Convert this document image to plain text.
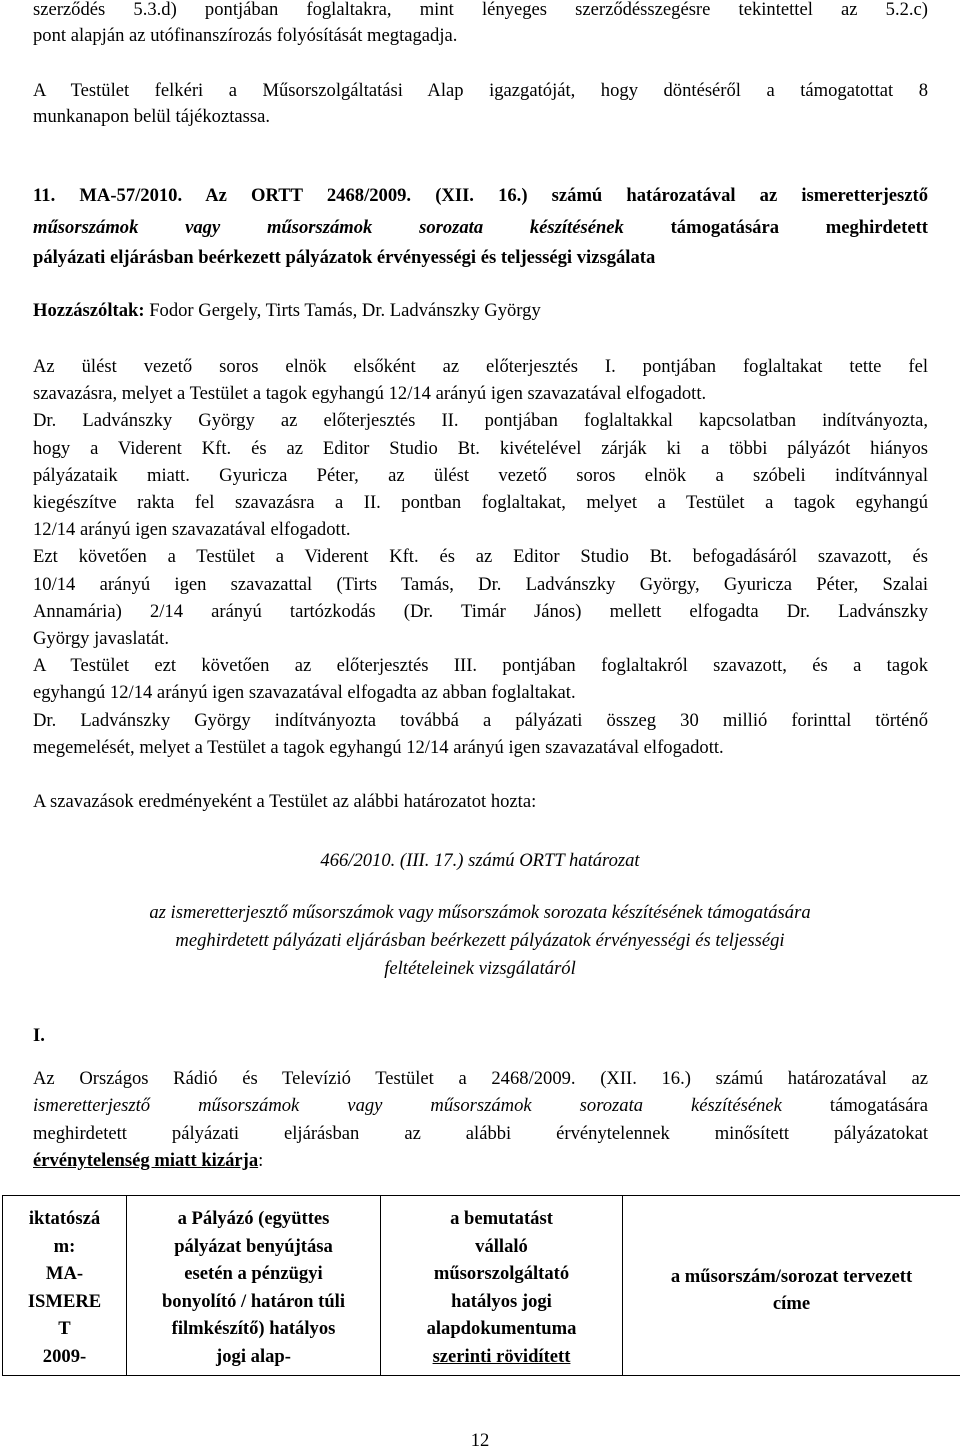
szerződés 5.3.d) pontjában foglaltakra, mint lényeges szerződésszegésre tekintettel az 5.2.c)
pont alapján az utófinanszírozás folyósítását megtagadja.
A Testület felkéri a Műsorszolgáltatási Alap igazgatóját, hogy döntéséről a támogatottat 8
munkanapon belül tájékoztassa.
11. MA-57/2010. Az ORTT 2468/2009. (XII. 16.) számú határozatával az ismeretterjesztő
műsorszámok vagy műsorszámok sorozata készítésének támogatására meghirdetett
pályázati eljárásban beérkezett pályázatok érvényességi és teljességi vizsgálata
Hozzászóltak: Fodor Gergely, Tirts Tamás, Dr. Ladvánszky György
Az ülést vezető soros elnök elsőként az előterjesztés I. pontjában foglaltakat tette fel
szavazásra, melyet a Testület a tagok egyhangú 12/14 arányú igen szavazatával elfogadott.
Dr. Ladvánszky György az előterjesztés II. pontjában foglaltakkal kapcsolatban indítványozta,
hogy a Viderent Kft. és az Editor Studio Bt. kivételével zárják ki a többi pályázót hiányos
pályázataik miatt. Gyuricza Péter, az ülést vezető soros elnök a szóbeli indítvánnyal
kiegészítve rakta fel szavazásra a II. pontban foglaltakat, melyet a Testület a tagok egyhangú
12/14 arányú igen szavazatával elfogadott.
Ezt követően a Testület a Viderent Kft. és az Editor Studio Bt. befogadásáról szavazott, és
10/14 arányú igen szavazattal (Tirts Tamás, Dr. Ladvánszky György, Gyuricza Péter, Szalai
Annamária) 2/14 arányú tartózkodás (Dr. Timár János) mellett elfogadta Dr. Ladvánszky
György javaslatát.
A Testület ezt követően az előterjesztés III. pontjában foglaltakról szavazott, és a tagok
egyhangú 12/14 arányú igen szavazatával elfogadta az abban foglaltakat.
Dr. Ladvánszky György indítványozta továbbá a pályázati összeg 30 millió forinttal történő
megemelését, melyet a Testület a tagok egyhangú 12/14 arányú igen szavazatával elfogadott.
A szavazások eredményeként a Testület az alábbi határozatot hozta:
466/2010. (III. 17.) számú ORTT határozat
az ismeretterjesztő műsorszámok vagy műsorszámok sorozata készítésének támogatására
meghirdetett pályázati eljárásban beérkezett pályázatok érvényességi és teljességi
feltételeinek vizsgálatáról
I.
Az Országos Rádió és Televízió Testület a 2468/2009. (XII. 16.) számú határozatával az
ismeretterjesztő műsorszámok vagy műsorszámok sorozata készítésének támogatására
meghirdetett pályázati eljárásban az alábbi érvénytelennek minősített pályázatokat
érvénytelenség miatt kizárja:
iktatószá
m:
MA-
ISMERE
T
2009-

a Pályázó (együttes
pályázat benyújtása
esetén a pénzügyi
bonyolító / határon túli
filmkészítő) hatályos
jogi alap-

a bemutatást
vállaló
műsorszolgáltató
hatályos jogi
alapdokumentuma
szerinti rövidített

a műsorszám/sorozat tervezett
címe
12
